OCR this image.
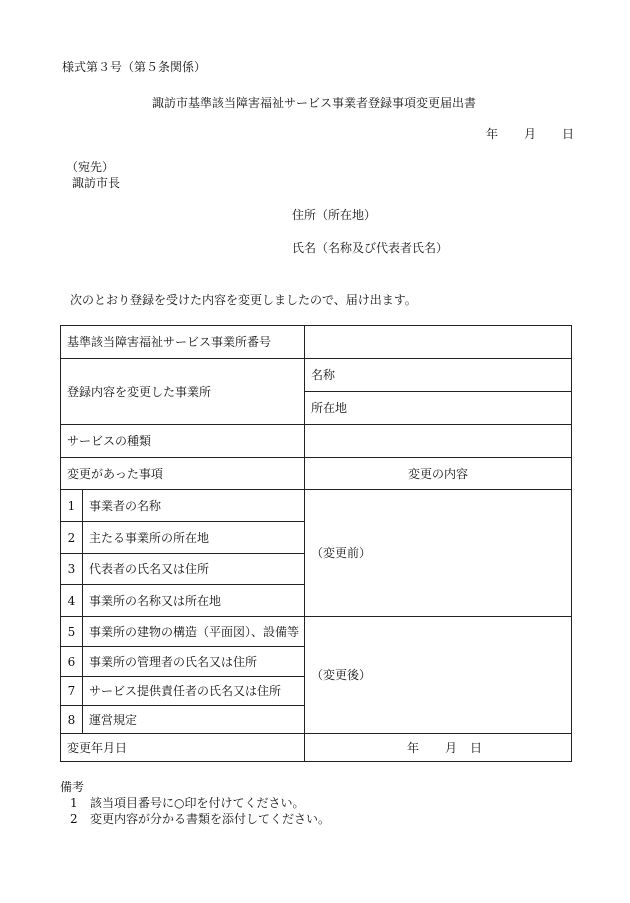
様式第３号（第５条関係）
諏訪市基準該当障害福祉サービス事業者登録事項変更届出書
年 月 日
（宛先）
諏訪市長
住所（所在地）
氏名（名称及び代表者氏名）
次のとおり登録を受けた内容を変更しましたので、届け出ます。
基準該当障害福祉サービス事業所番号		
登録内容を変更した事業所		名称
		所在地
サービスの種類		
変更があった事項		変更の内容
1	事業者の名称	（変更前）
2	主たる事業所の所在地	
3	代表者の氏名又は住所	
4	事業所の名称又は所在地	
5	事業所の建物の構造（平面図）、設備等	（変更後）
6	事業所の管理者の氏名又は住所	
7	サービス提供責任者の氏名又は住所	
8	運営規定	
変更年月日		年 月 日
備考
1 該当項目番号に○印を付けてください。
2 変更内容が分かる書類を添付してください。
